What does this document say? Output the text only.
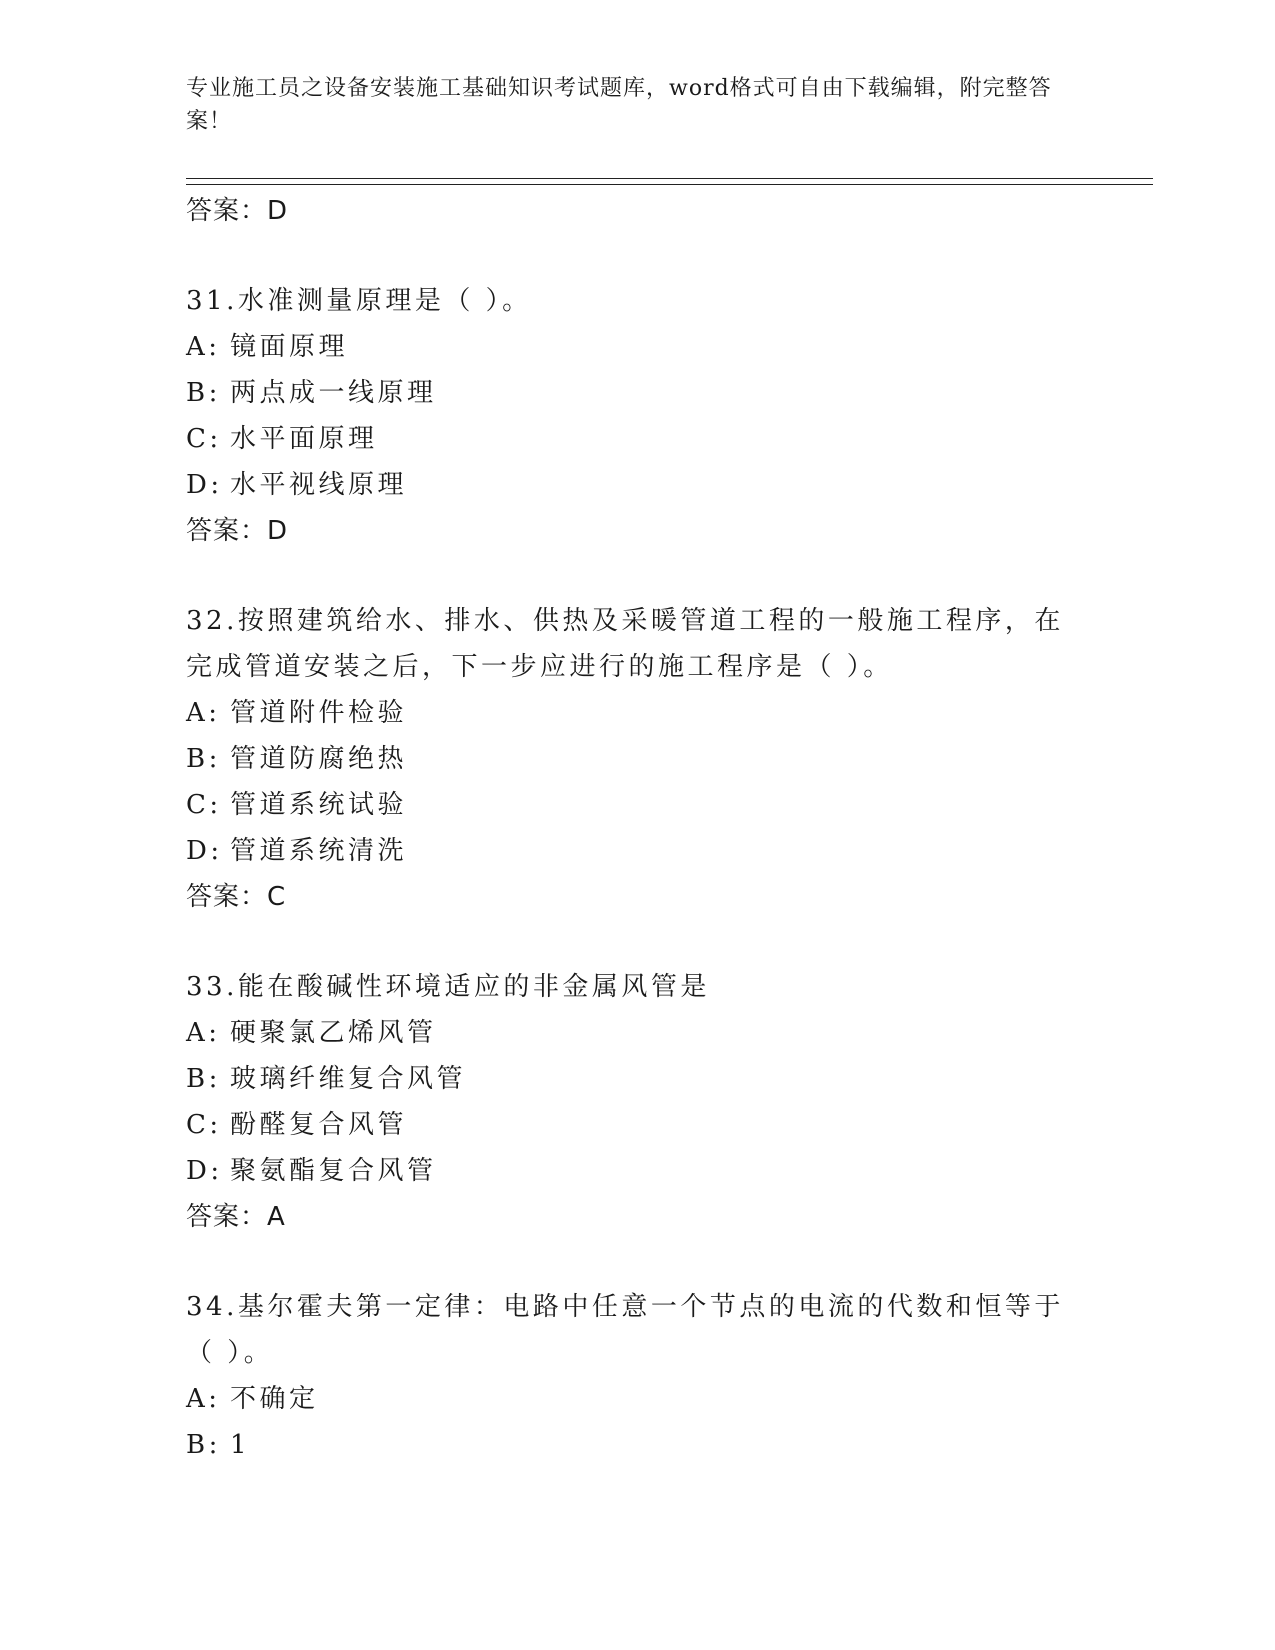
专业施工员之设备安装施工基础知识考试题库，word格式可自由下载编辑，附完整答案！
答案：D
31.水准测量原理是（ ）。
A: 镜面原理
B: 两点成一线原理
C: 水平面原理
D: 水平视线原理
答案：D
32.按照建筑给水、排水、供热及采暖管道工程的一般施工程序，在完成管道安装之后，下一步应进行的施工程序是（ ）。
A: 管道附件检验
B: 管道防腐绝热
C: 管道系统试验
D: 管道系统清洗
答案：C
33.能在酸碱性环境适应的非金属风管是
A: 硬聚氯乙烯风管
B: 玻璃纤维复合风管
C: 酚醛复合风管
D: 聚氨酯复合风管
答案：A
34.基尔霍夫第一定律：电路中任意一个节点的电流的代数和恒等于（ ）。
A: 不确定
B: 1
